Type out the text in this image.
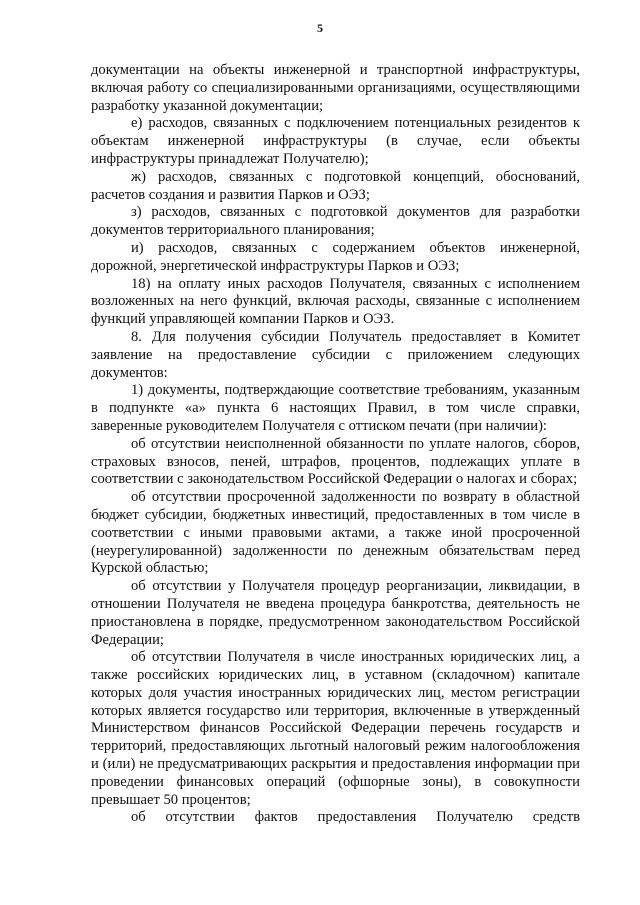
5

документации на объекты инженерной и транспортной инфраструктуры, включая работу со специализированными организациями, осуществляющими разработку указанной документации;

е) расходов, связанных с подключением потенциальных резидентов к объектам инженерной инфраструктуры (в случае, если объекты инфраструктуры принадлежат Получателю);

ж) расходов, связанных с подготовкой концепций, обоснований, расчетов создания и развития Парков и ОЭЗ;

з) расходов, связанных с подготовкой документов для разработки документов территориального планирования;

и) расходов, связанных с содержанием объектов инженерной, дорожной, энергетической инфраструктуры Парков и ОЭЗ;

18) на оплату иных расходов Получателя, связанных с исполнением возложенных на него функций, включая расходы, связанные с исполнением функций управляющей компании Парков и ОЭЗ.

8. Для получения субсидии Получатель предоставляет в Комитет заявление на предоставление субсидии с приложением следующих документов:

1) документы, подтверждающие соответствие требованиям, указанным в подпункте «а» пункта 6 настоящих Правил, в том числе справки, заверенные руководителем Получателя с оттиском печати (при наличии):

об отсутствии неисполненной обязанности по уплате налогов, сборов, страховых взносов, пеней, штрафов, процентов, подлежащих уплате в соответствии с законодательством Российской Федерации о налогах и сборах;

об отсутствии просроченной задолженности по возврату в областной бюджет субсидии, бюджетных инвестиций, предоставленных в том числе в соответствии с иными правовыми актами, а также иной просроченной (неурегулированной) задолженности по денежным обязательствам перед Курской областью;

об отсутствии у Получателя процедур реорганизации, ликвидации, в отношении Получателя не введена процедура банкротства, деятельность не приостановлена в порядке, предусмотренном законодательством Российской Федерации;

об отсутствии Получателя в числе иностранных юридических лиц, а также российских юридических лиц, в уставном (складочном) капитале которых доля участия иностранных юридических лиц, местом регистрации которых является государство или территория, включенные в утвержденный Министерством финансов Российской Федерации перечень государств и территорий, предоставляющих льготный налоговый режим налогообложения и (или) не предусматривающих раскрытия и предоставления информации при проведении финансовых операций (офшорные зоны), в совокупности превышает 50 процентов;

об отсутствии фактов предоставления Получателю средств
